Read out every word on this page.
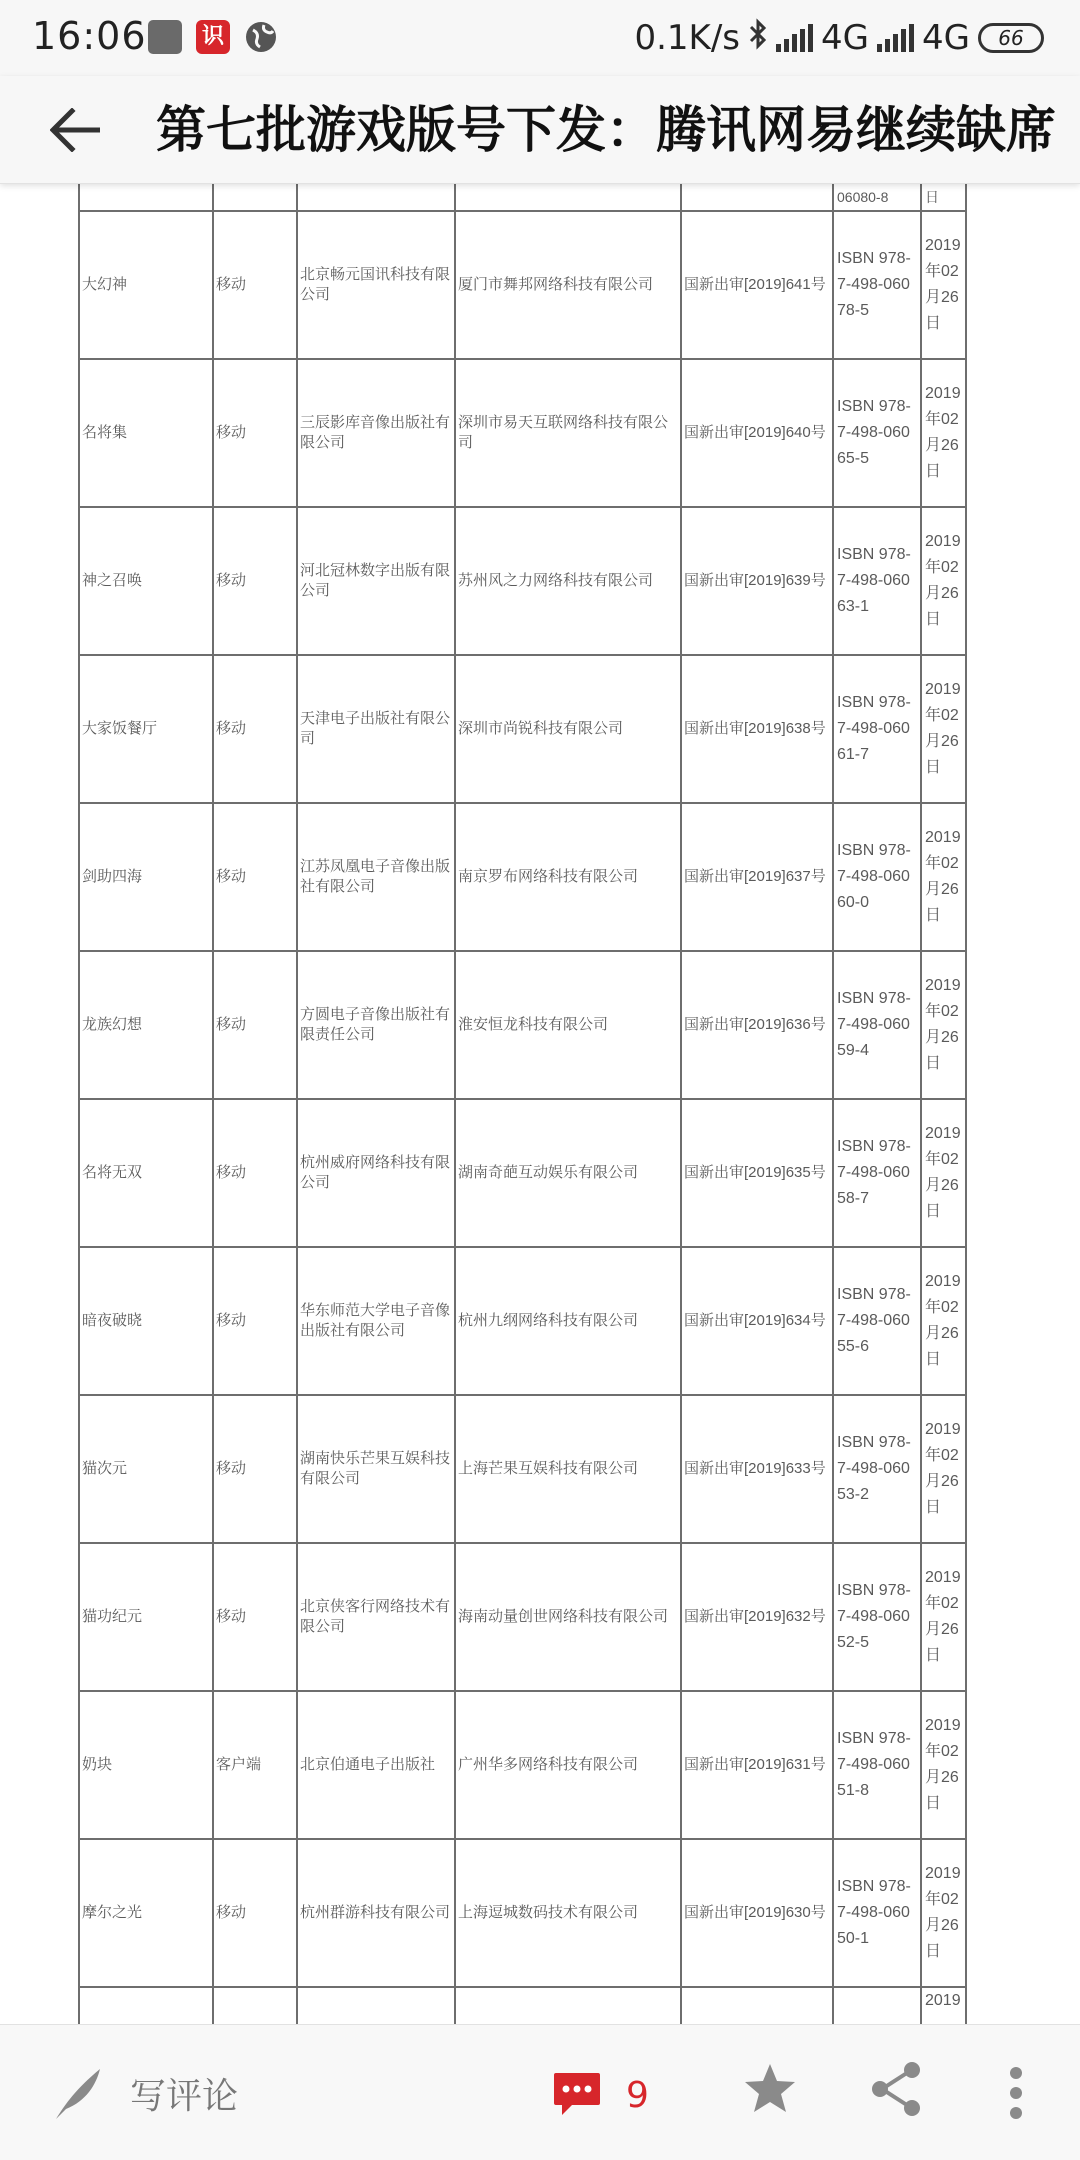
16:06	识	0.1K/s 4G 4G	66
第七批游戏版号下发：腾讯网易继续缺席
					06080-8	日
大幻神	移动	北京畅元国讯科技有限公司	厦门市舞邦网络科技有限公司	国新出审[2019]641号	ISBN 978-7-498-06078-5	2019年02月26日

名将集	移动	三辰影库音像出版社有限公司	深圳市易天互联网络科技有限公司	国新出审[2019]640号	ISBN 978-7-498-06065-5	2019年02月26日

神之召唤	移动	河北冠林数字出版有限公司	苏州风之力网络科技有限公司	国新出审[2019]639号	ISBN 978-7-498-06063-1	2019年02月26日

大家饭餐厅	移动	天津电子出版社有限公司	深圳市尚锐科技有限公司	国新出审[2019]638号	ISBN 978-7-498-06061-7	2019年02月26日

剑助四海	移动	江苏凤凰电子音像出版社有限公司	南京罗布网络科技有限公司	国新出审[2019]637号	ISBN 978-7-498-06060-0	2019年02月26日

龙族幻想	移动	方圆电子音像出版社有限责任公司	淮安恒龙科技有限公司	国新出审[2019]636号	ISBN 978-7-498-06059-4	2019年02月26日

名将无双	移动	杭州威府网络科技有限公司	湖南奇葩互动娱乐有限公司	国新出审[2019]635号	ISBN 978-7-498-06058-7	2019年02月26日

暗夜破晓	移动	华东师范大学电子音像出版社有限公司	杭州九纲网络科技有限公司	国新出审[2019]634号	ISBN 978-7-498-06055-6	2019年02月26日

猫次元	移动	湖南快乐芒果互娱科技有限公司	上海芒果互娱科技有限公司	国新出审[2019]633号	ISBN 978-7-498-06053-2	2019年02月26日

猫功纪元	移动	北京侠客行网络技术有限公司	海南动量创世网络科技有限公司	国新出审[2019]632号	ISBN 978-7-498-06052-5	2019年02月26日

奶块	客户端	北京伯通电子出版社	广州华多网络科技有限公司	国新出审[2019]631号	ISBN 978-7-498-06051-8	2019年02月26日

摩尔之光	移动	杭州群游科技有限公司	上海逗城数码技术有限公司	国新出审[2019]630号	ISBN 978-7-498-06050-1	2019年02月26日

						2019
写评论	9
